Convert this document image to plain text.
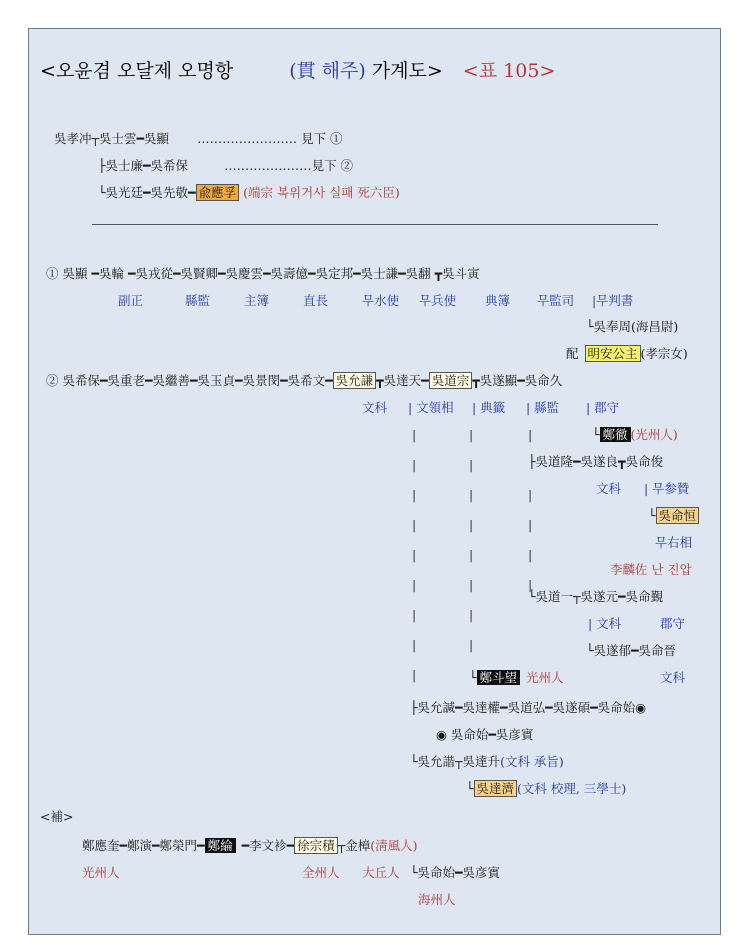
<오윤겸 오달제 오명항	(貫 해주) 가계도> <표 105>
吳孝冲┬吳士雲━吳顯 …………………… 見下 ①
├吳士廉━吳希保	…………………見下 ②
└吳光廷━吳先敬━ 兪應孚 (端宗 복위거사 실패 死六臣)
① 吳顯 ━吳輪 ━吳戎從━吳賢卿━吳慶雲━吳壽億━吳定邦━吳士謙━吳翻 ┳吳斗寅
副正	縣監	主簿	直長	무水使 무兵使 典簿 무監司 |무判書
└吳奉周(海昌尉)
配 明安公主 (孝宗女)
② 吳希保━吳重老━吳繼善━吳玉貞━吳景閔━吳希文━ 吳允謙 ┳吳達天━ 吳道宗 ┳吳遂顯━吳命久
文科 | 文領相 | 典籤 | 縣監 | 郡守
|

|

|

|

|

|

|

|

|
|

|

|

|

|

|

|

|
|

|

|

|

|
└ 鄭徹 (光州人)
├吳道隆━吳遂良┳吳命俊
文科 | 무参贊
└ 吳命恒
무右相
李麟佐 난 진압
└吳道一┬吳遂元━吳命覲
| 文科	郡守
└吳遂郁━吳命晉
└ 鄭斗望 光州人	文科
├吳允諴━吳達權━吳道弘━吳遂碩━吳命始◉
◉ 吳命始━吳彦賓
└吳允諧┬吳達升(文科 承旨)
└ 吳達濟 (文科 校理, 三學士)
<補>
鄭應奎━鄭演━鄭榮門━ 鄭綸 ━李文袗━ 徐宗積 ┬金樟(淸風人)
光州人	全州人 大丘人 └吳命始━吳彦賓
海州人
